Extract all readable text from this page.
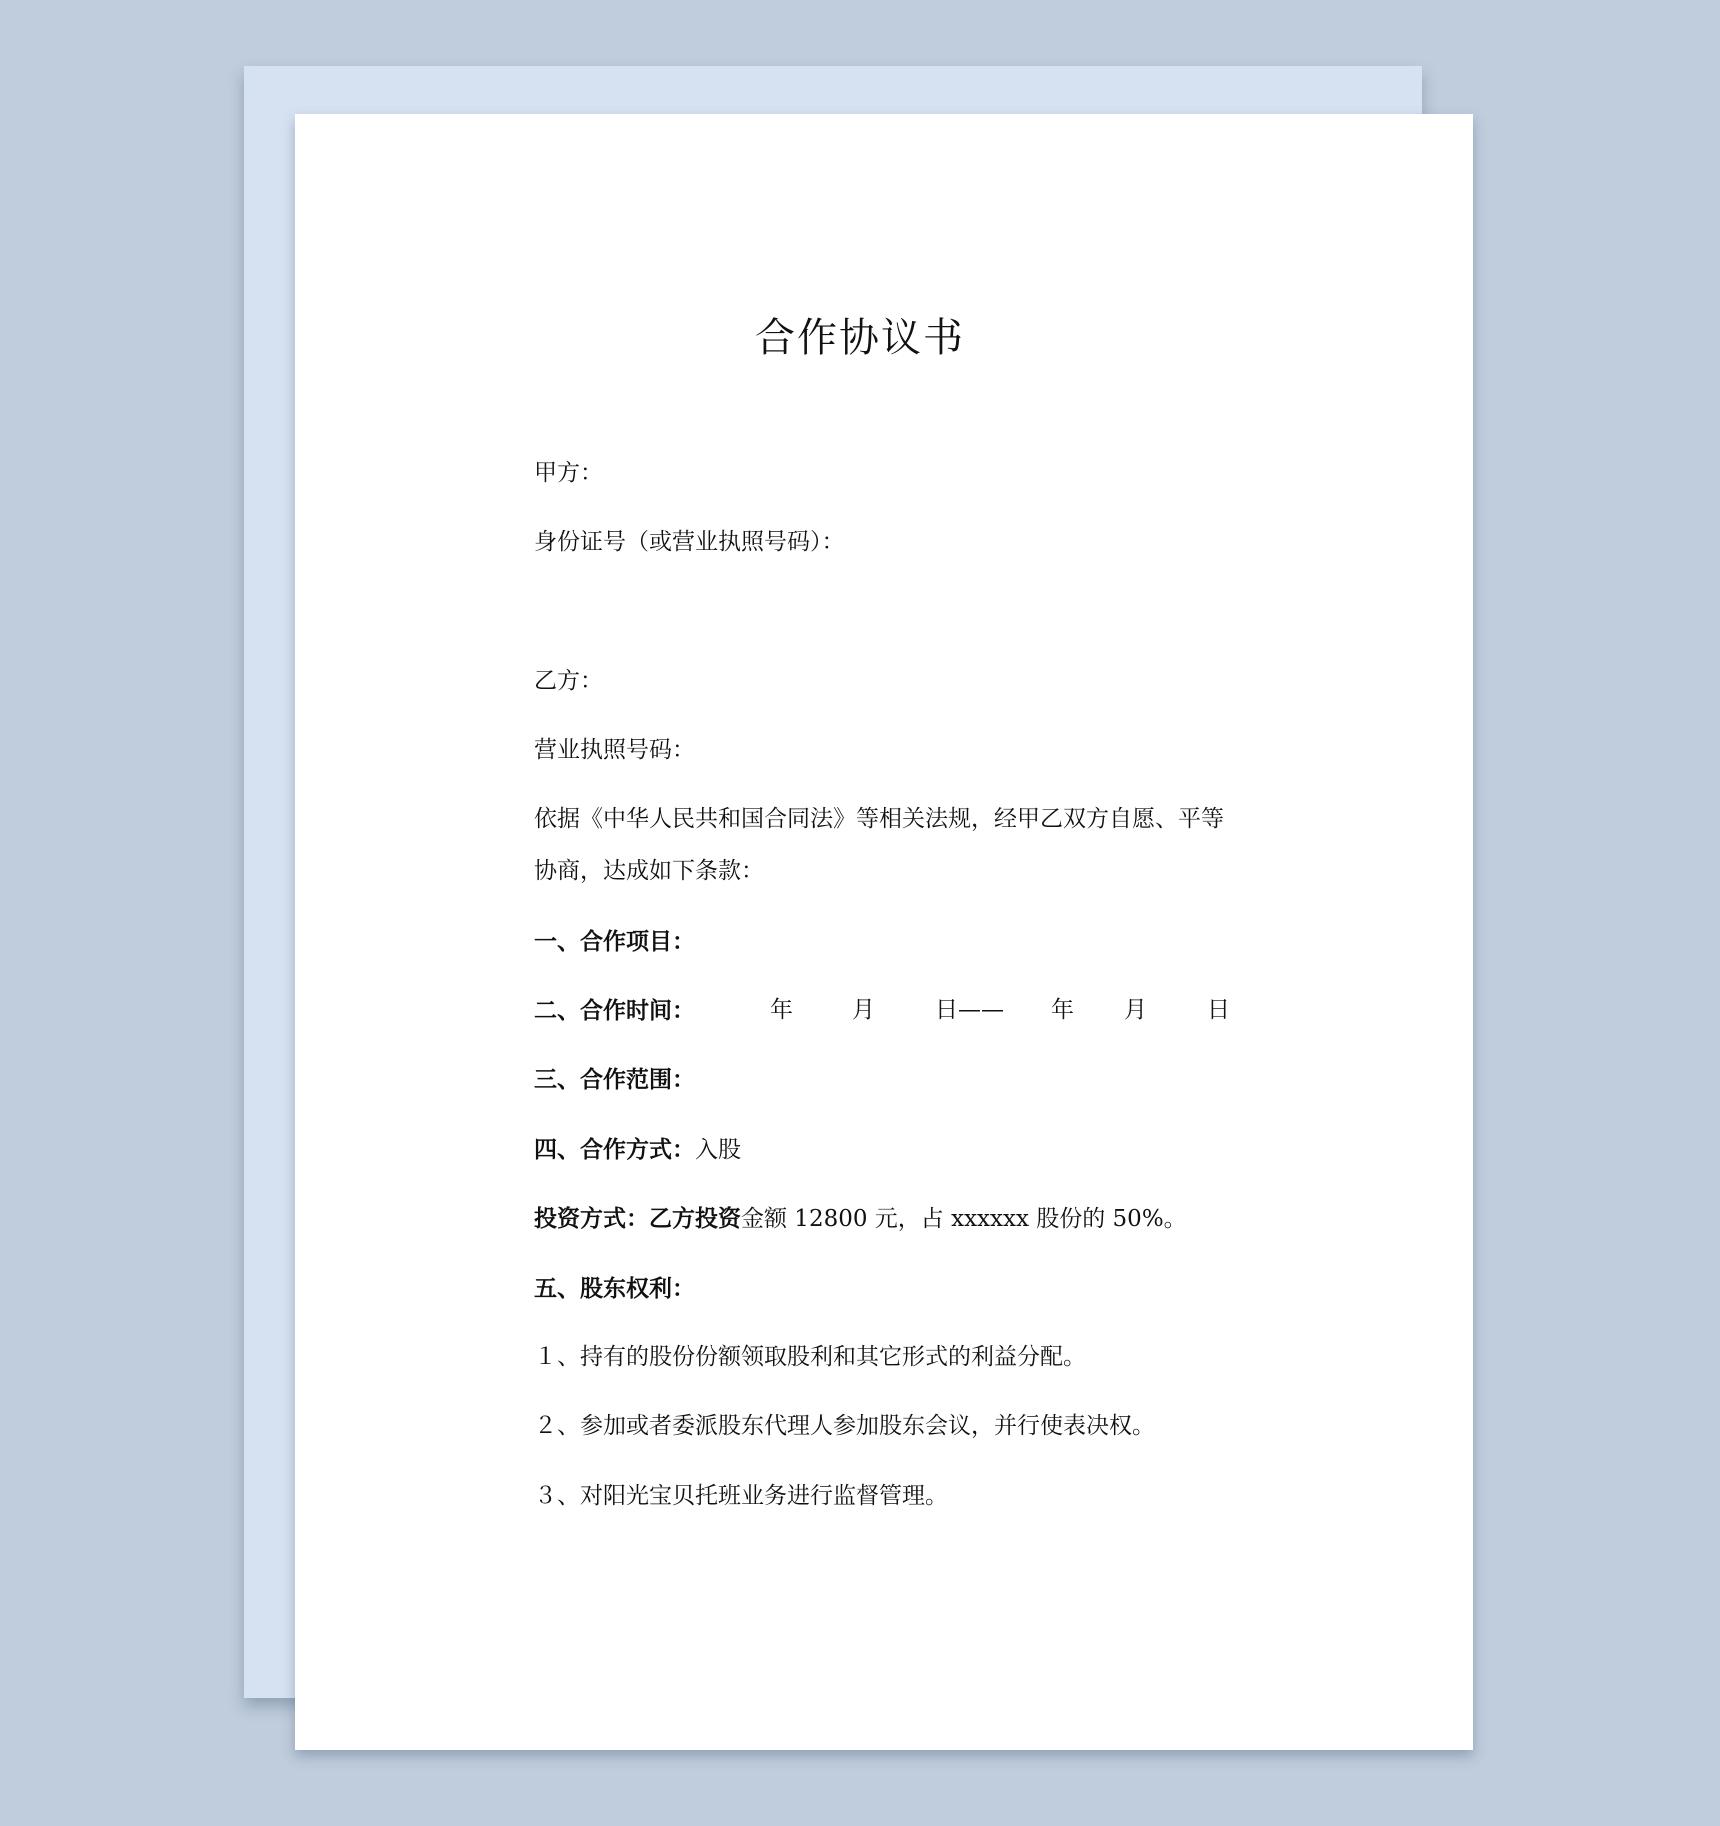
合作协议书
甲方：
身份证号（或营业执照号码）：
乙方：
营业执照号码：
依据《中华人民共和国合同法》等相关法规，经甲乙双方自愿、平等
协商，达成如下条款：
一、合作项目：
二、合作时间：	年	月	日—— 年 月	日
三、合作范围：
四、合作方式：入股
投资方式：乙方投资金额 12800 元，占 xxxxxx 股份的 50%。
五、股东权利：
１、持有的股份份额领取股利和其它形式的利益分配。
２、参加或者委派股东代理人参加股东会议，并行使表决权。
３、对阳光宝贝托班业务进行监督管理。
